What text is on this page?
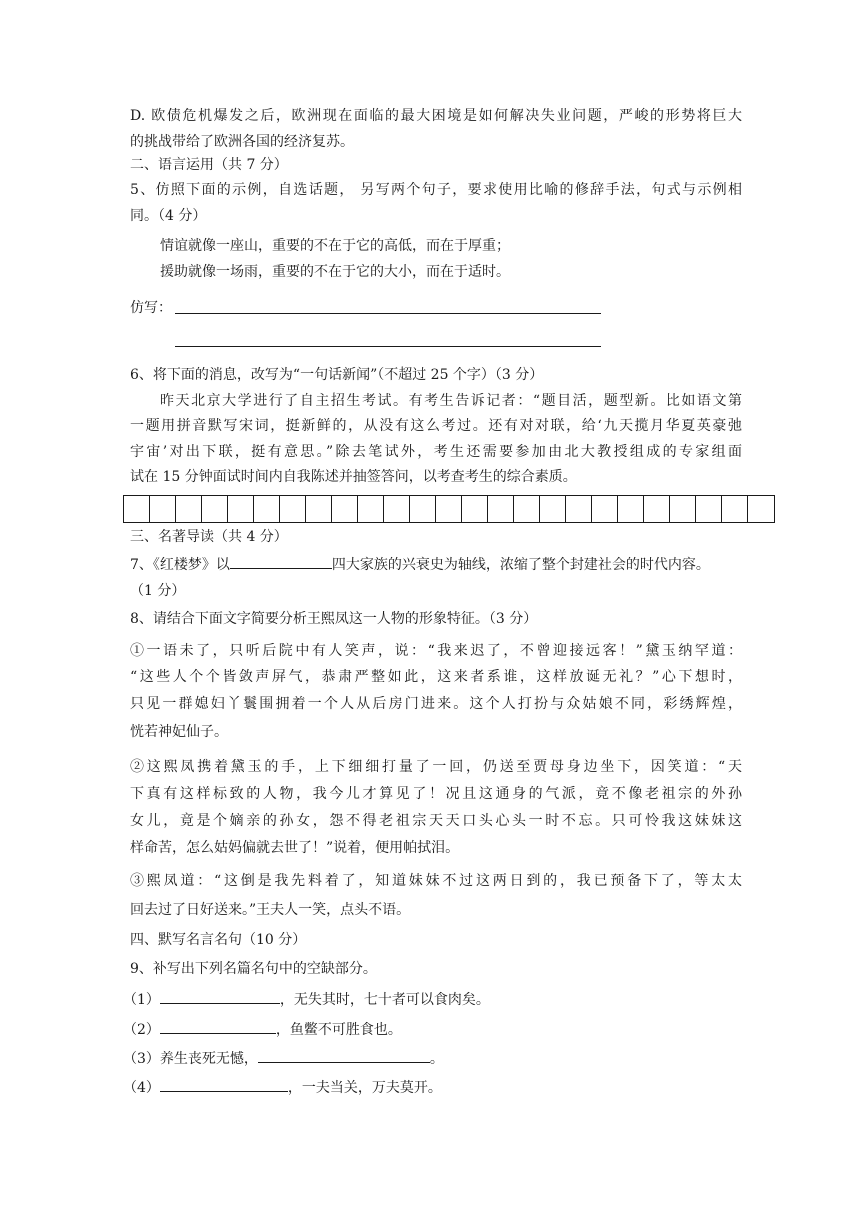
D. 欧债危机爆发之后，欧洲现在面临的最大困境是如何解决失业问题，严峻的形势将巨大
的挑战带给了欧洲各国的经济复苏。
二、语言运用（共 7 分）
5、仿照下面的示例，自选话题， 另写两个句子，要求使用比喻的修辞手法，句式与示例相
同。（4 分）
情谊就像一座山，重要的不在于它的高低，而在于厚重；
援助就像一场雨，重要的不在于它的大小，而在于适时。
仿写：
6、将下面的消息，改写为“一句话新闻”（不超过 25 个字）（3 分）
昨天北京大学进行了自主招生考试。有考生告诉记者：“题目活，题型新。比如语文第
一题用拼音默写宋词，挺新鲜的，从没有这么考过。还有对对联，给‘九天揽月华夏英豪弛
宇宙’对出下联，挺有意思。”除去笔试外，考生还需要参加由北大教授组成的专家组面
试在 15 分钟面试时间内自我陈述并抽签答问，以考查考生的综合素质。
三、名著导读（共 4 分）
7、《红楼梦》以	四大家族的兴衰史为轴线，浓缩了整个封建社会的时代内容。
（1 分）
8、请结合下面文字简要分析王熙凤这一人物的形象特征。（3 分）
①一语未了，只听后院中有人笑声，说：“我来迟了，不曾迎接远客！”黛玉纳罕道：
“这些人个个皆敛声屏气，恭肃严整如此，这来者系谁，这样放诞无礼？”心下想时，
只见一群媳妇丫鬟围拥着一个人从后房门进来。这个人打扮与众姑娘不同，彩绣辉煌，
恍若神妃仙子。
②这熙凤携着黛玉的手，上下细细打量了一回，仍送至贾母身边坐下，因笑道：“天
下真有这样标致的人物，我今儿才算见了！况且这通身的气派，竟不像老祖宗的外孙
女儿，竟是个嫡亲的孙女，怨不得老祖宗天天口头心头一时不忘。只可怜我这妹妹这
样命苦，怎么姑妈偏就去世了！”说着，便用帕拭泪。
③熙凤道：“这倒是我先料着了，知道妹妹不过这两日到的，我已预备下了，等太太
回去过了日好送来。”王夫人一笑，点头不语。
四、默写名言名句（10 分）
9、补写出下列名篇名句中的空缺部分。
（1）	，无失其时，七十者可以食肉矣。
（2）	，鱼鳖不可胜食也。
（3）养生丧死无憾，	。
（4）	，一夫当关，万夫莫开。
